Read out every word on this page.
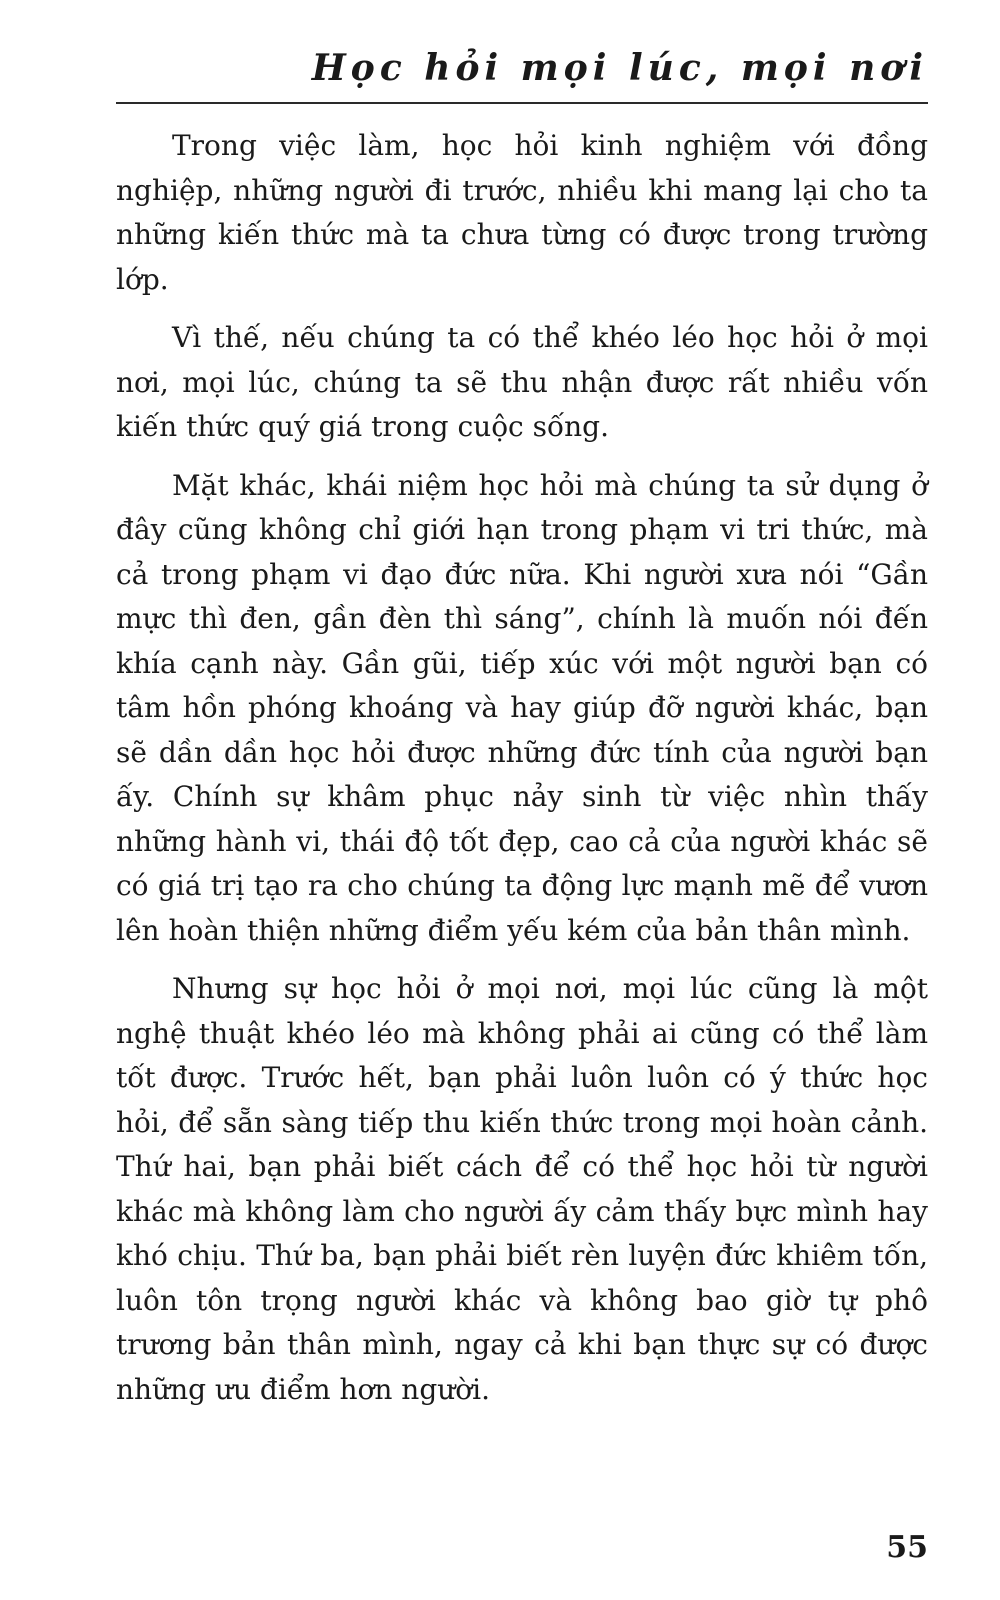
Học hỏi mọi lúc, mọi nơi

Trong việc làm, học hỏi kinh nghiệm với đồng nghiệp, những người đi trước, nhiều khi mang lại cho ta những kiến thức mà ta chưa từng có được trong trường lớp.

Vì thế, nếu chúng ta có thể khéo léo học hỏi ở mọi nơi, mọi lúc, chúng ta sẽ thu nhận được rất nhiều vốn kiến thức quý giá trong cuộc sống.

Mặt khác, khái niệm học hỏi mà chúng ta sử dụng ở đây cũng không chỉ giới hạn trong phạm vi tri thức, mà cả trong phạm vi đạo đức nữa. Khi người xưa nói “Gần mực thì đen, gần đèn thì sáng”, chính là muốn nói đến khía cạnh này. Gần gũi, tiếp xúc với một người bạn có tâm hồn phóng khoáng và hay giúp đỡ người khác, bạn sẽ dần dần học hỏi được những đức tính của người bạn ấy. Chính sự khâm phục nảy sinh từ việc nhìn thấy những hành vi, thái độ tốt đẹp, cao cả của người khác sẽ có giá trị tạo ra cho chúng ta động lực mạnh mẽ để vươn lên hoàn thiện những điểm yếu kém của bản thân mình.

Nhưng sự học hỏi ở mọi nơi, mọi lúc cũng là một nghệ thuật khéo léo mà không phải ai cũng có thể làm tốt được. Trước hết, bạn phải luôn luôn có ý thức học hỏi, để sẵn sàng tiếp thu kiến thức trong mọi hoàn cảnh. Thứ hai, bạn phải biết cách để có thể học hỏi từ người khác mà không làm cho người ấy cảm thấy bực mình hay khó chịu. Thứ ba, bạn phải biết rèn luyện đức khiêm tốn, luôn tôn trọng người khác và không bao giờ tự phô trương bản thân mình, ngay cả khi bạn thực sự có được những ưu điểm hơn người.

55
